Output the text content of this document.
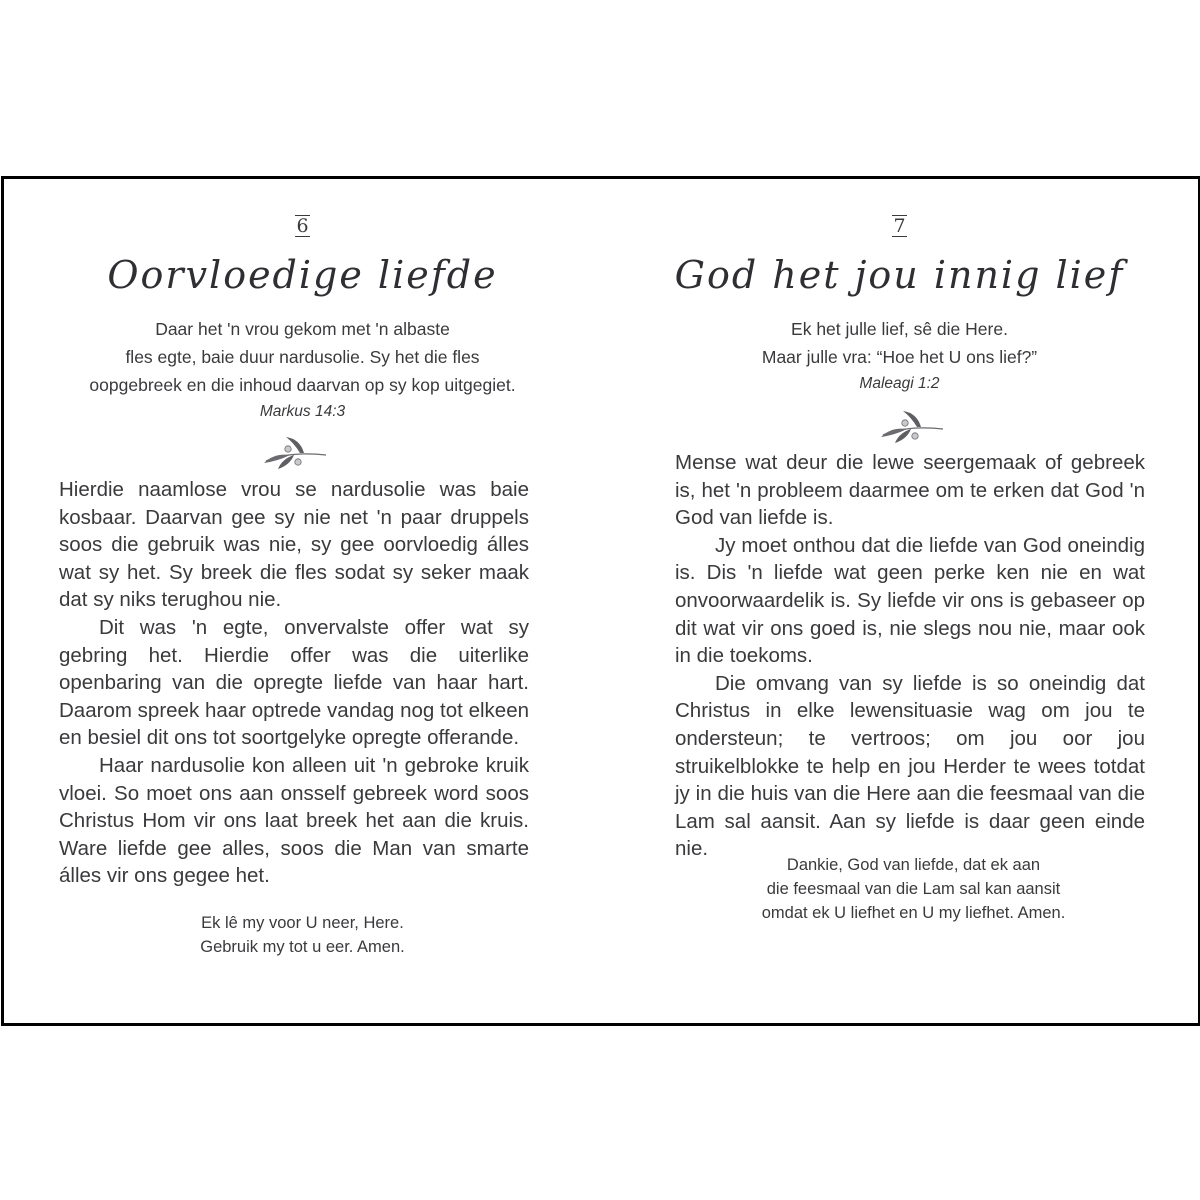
6
Oorvloedige liefde
Daar het 'n vrou gekom met 'n albaste
fles egte, baie duur nardusolie. Sy het die fles
oopgebreek en die inhoud daarvan op sy kop uitgegiet.
Markus 14:3

Hierdie naamlose vrou se nardusolie was baie kosbaar. Daarvan gee sy nie net 'n paar druppels soos die gebruik was nie, sy gee oorvloedig álles wat sy het. Sy breek die fles sodat sy seker maak dat sy niks terughou nie.

Dit was 'n egte, onvervalste offer wat sy gebring het. Hierdie offer was die uiterlike openbaring van die opregte liefde van haar hart. Daarom spreek haar optrede vandag nog tot elkeen en besiel dit ons tot soortgelyke opregte offerande.

Haar nardusolie kon alleen uit 'n gebroke kruik vloei. So moet ons aan onsself gebreek word soos Christus Hom vir ons laat breek het aan die kruis. Ware liefde gee alles, soos die Man van smarte álles vir ons gegee het.

Ek lê my voor U neer, Here.
Gebruik my tot u eer. Amen.
7
God het jou innig lief
Ek het julle lief, sê die Here.
Maar julle vra: “Hoe het U ons lief?”
Maleagi 1:2

Mense wat deur die lewe seergemaak of gebreek is, het 'n probleem daarmee om te erken dat God 'n God van liefde is.

Jy moet onthou dat die liefde van God oneindig is. Dis 'n liefde wat geen perke ken nie en wat onvoorwaardelik is. Sy liefde vir ons is gebaseer op dit wat vir ons goed is, nie slegs nou nie, maar ook in die toekoms.

Die omvang van sy liefde is so oneindig dat Christus in elke lewensituasie wag om jou te ondersteun; te vertroos; om jou oor jou struikelblokke te help en jou Herder te wees totdat jy in die huis van die Here aan die feesmaal van die Lam sal aansit. Aan sy liefde is daar geen einde nie.

Dankie, God van liefde, dat ek aan
die feesmaal van die Lam sal kan aansit
omdat ek U liefhet en U my liefhet. Amen.
